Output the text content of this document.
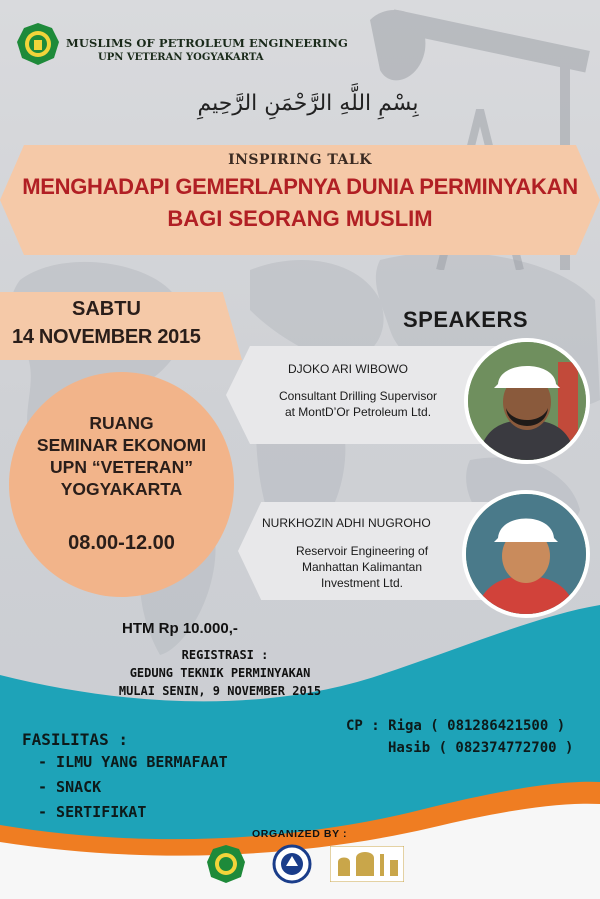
MUSLIMS OF PETROLEUM ENGINEERING
UPN VETERAN YOGYAKARTA
بِسْمِ اللَّهِ الرَّحْمَنِ الرَّحِيمِ
INSPIRING TALK
MENGHADAPI GEMERLAPNYA DUNIA PERMINYAKAN
BAGI SEORANG MUSLIM
SABTU
14 NOVEMBER 2015
RUANG
SEMINAR EKONOMI
UPN “VETERAN”
YOGYAKARTA
08.00-12.00
SPEAKERS
DJOKO ARI WIBOWO
Consultant Drilling Supervisor
at MontD’Or Petroleum Ltd.
NURKHOZIN ADHI NUGROHO
Reservoir Engineering of
Manhattan Kalimantan
Investment Ltd.
HTM Rp 10.000,-
REGISTRASI :
GEDUNG TEKNIK PERMINYAKAN
MULAI SENIN, 9 NOVEMBER 2015
FASILITAS :
- ILMU YANG BERMAFAAT
- SNACK
- SERTIFIKAT
CP : Riga ( 081286421500 )
Hasib ( 082374772700 )
ORGANIZED BY :
